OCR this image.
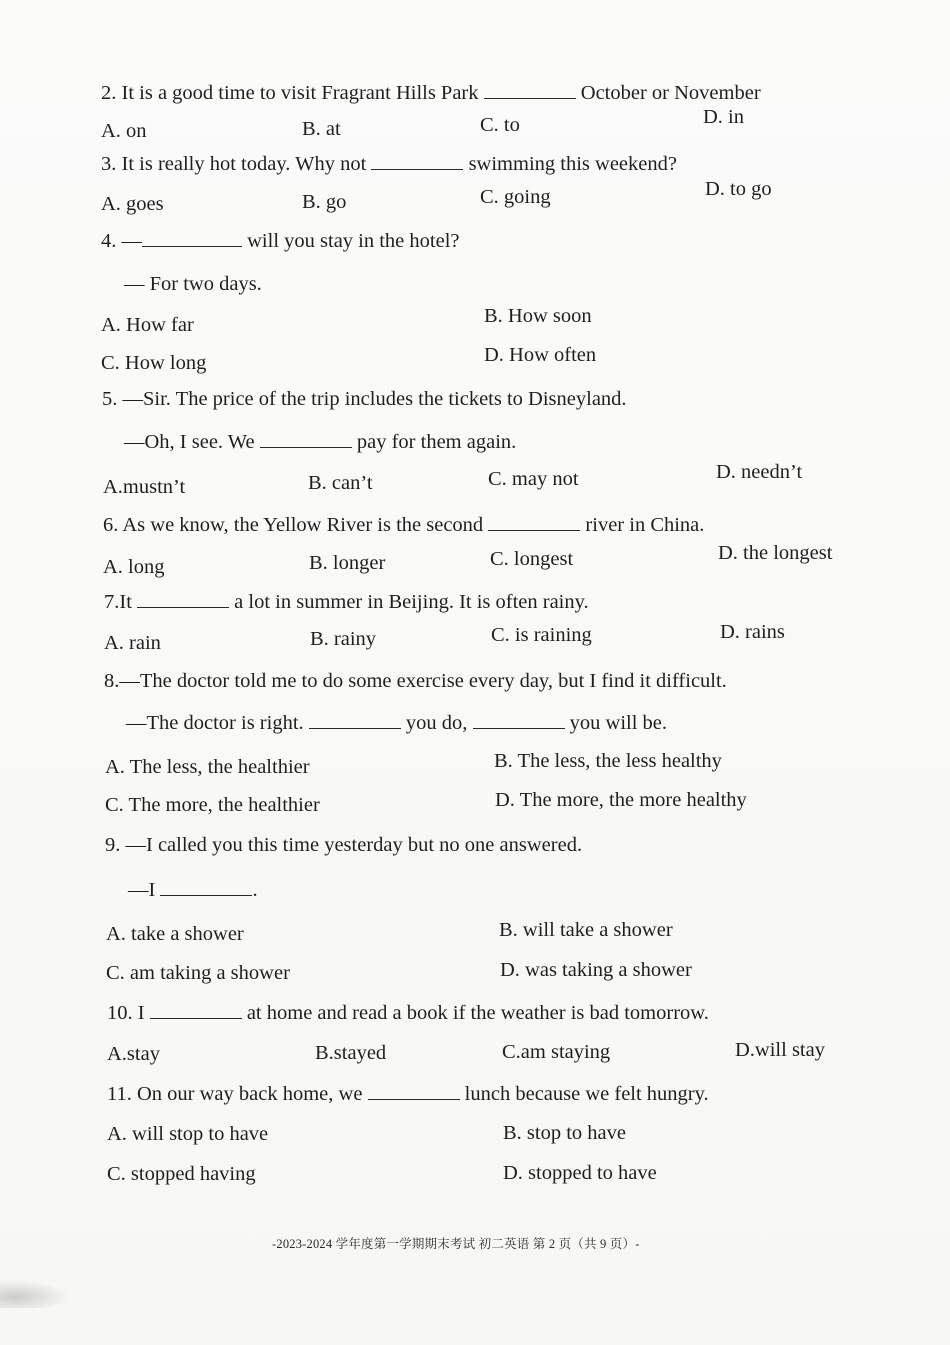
2. It is a good time to visit Fragrant Hills Park	October or November
A. on	B. at	C. to	D. in
3. It is really hot today. Why not	swimming this weekend?
A. goes	B. go	C. going	D. to go
4. —	will you stay in the hotel?
— For two days.
A. How far	B. How soon
C. How long	D. How often
5. —Sir. The price of the trip includes the tickets to Disneyland.
—Oh, I see. We	pay for them again.
A.mustn’t	B. can’t	C. may not	D. needn’t
6. As we know, the Yellow River is the second	river in China.
A. long	B. longer	C. longest	D. the longest
7.It	a lot in summer in Beijing. It is often rainy.
A. rain	B. rainy	C. is raining	D. rains
8.—The doctor told me to do some exercise every day, but I find it difficult.
—The doctor is right.	you do,	you will be.
A. The less, the healthier	B. The less, the less healthy
C. The more, the healthier	D. The more, the more healthy
9. —I called you this time yesterday but no one answered.
—I	.
A. take a shower	B. will take a shower
C. am taking a shower	D. was taking a shower
10. I	at home and read a book if the weather is bad tomorrow.
A.stay	B.stayed	C.am staying	D.will stay
11. On our way back home, we	lunch because we felt hungry.
A. will stop to have	B. stop to have
C. stopped having	D. stopped to have
-2023-2024 学年度第一学期期末考试 初二英语 第 2 页（共 9 页）-
